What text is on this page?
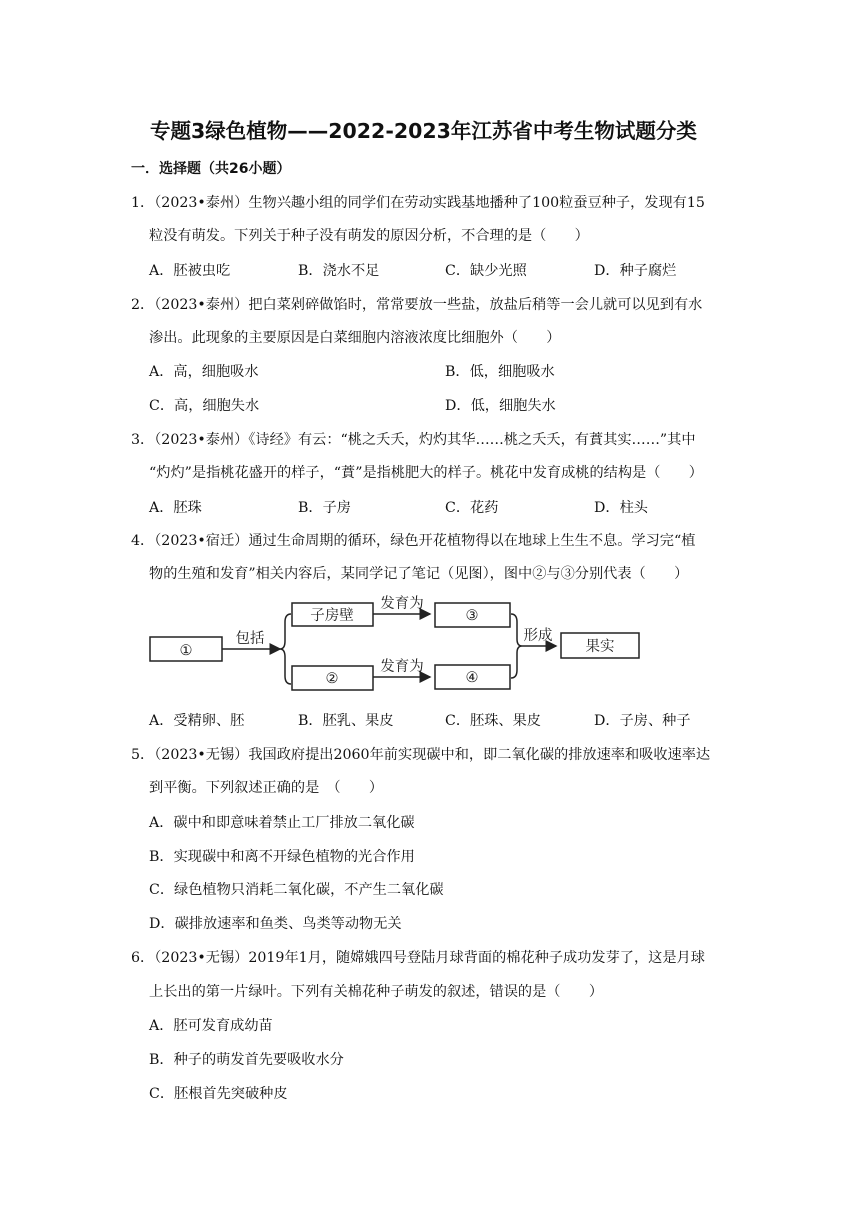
专题3绿色植物——2022-2023年江苏省中考生物试题分类
一．选择题（共26小题）
1．（2023•泰州）生物兴趣小组的同学们在劳动实践基地播种了100粒蚕豆种子，发现有15
粒没有萌发。下列关于种子没有萌发的原因分析，不合理的是（　　）
A．胚被虫吃	B．浇水不足	C．缺少光照	D．种子腐烂
2．（2023•泰州）把白菜剁碎做馅时，常常要放一些盐，放盐后稍等一会儿就可以见到有水
渗出。此现象的主要原因是白菜细胞内溶液浓度比细胞外（　　）
A．高，细胞吸水	B．低，细胞吸水
C．高，细胞失水	D．低，细胞失水
3．（2023•泰州）《诗经》有云：“桃之夭夭，灼灼其华……桃之夭夭，有蕡其实……”其中
“灼灼”是指桃花盛开的样子，“蕡”是指桃肥大的样子。桃花中发育成桃的结构是（　　）
A．胚珠	B．子房	C．花药	D．柱头
4．（2023•宿迁）通过生命周期的循环，绿色开花植物得以在地球上生生不息。学习完“植
物的生殖和发育”相关内容后，某同学记了笔记（见图），图中②与③分别代表（　　）
①
包括
子房壁
发育为
③
②
发育为
④
形成
果实
A．受精卵、胚	B．胚乳、果皮	C．胚珠、果皮	D．子房、种子
5．（2023•无锡）我国政府提出2060年前实现碳中和，即二氧化碳的排放速率和吸收速率达
到平衡。下列叙述正确的是　（　　）
A．碳中和即意味着禁止工厂排放二氧化碳
B．实现碳中和离不开绿色植物的光合作用
C．绿色植物只消耗二氧化碳，不产生二氧化碳
D．碳排放速率和鱼类、鸟类等动物无关
6．（2023•无锡）2019年1月，随嫦娥四号登陆月球背面的棉花种子成功发芽了，这是月球
上长出的第一片绿叶。下列有关棉花种子萌发的叙述，错误的是（　　）
A．胚可发育成幼苗
B．种子的萌发首先要吸收水分
C．胚根首先突破种皮
